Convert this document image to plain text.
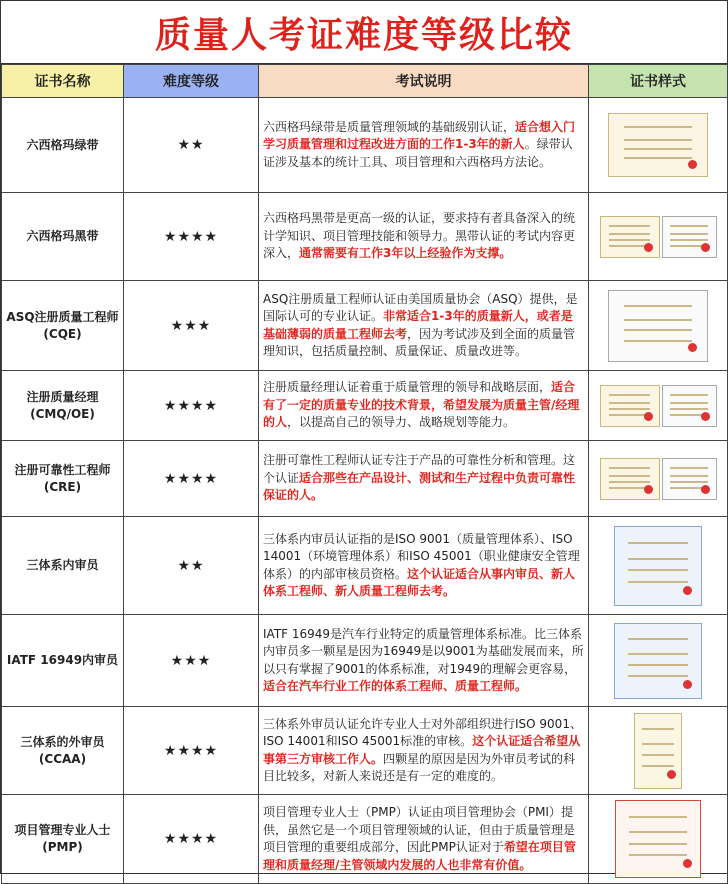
质量人考证难度等级比较
证书名称	难度等级	考试说明	证书样式
六西格玛绿带	★★	六西格玛绿带是质量管理领域的基础级别认证，适合想入门学习质量管理和过程改进方面的工作1-3年的新人。绿带认证涉及基本的统计工具、项目管理和六西格玛方法论。	

六西格玛黑带	★★★★	六西格玛黑带是更高一级的认证，要求持有者具备深入的统计学知识、项目管理技能和领导力。黑带认证的考试内容更深入，通常需要有工作3年以上经验作为支撑。	

ASQ注册质量工程师(CQE)	★★★	ASQ注册质量工程师认证由美国质量协会（ASQ）提供，是国际认可的专业认证。非常适合1-3年的质量新人，或者是基础薄弱的质量工程师去考，因为考试涉及到全面的质量管理知识，包括质量控制、质量保证、质量改进等。	

注册质量经理(CMQ/OE)	★★★★	注册质量经理认证着重于质量管理的领导和战略层面，适合有了一定的质量专业的技术背景，希望发展为质量主管/经理的人，以提高自己的领导力、战略规划等能力。	

注册可靠性工程师(CRE)	★★★★	注册可靠性工程师认证专注于产品的可靠性分析和管理。这个认证适合那些在产品设计、测试和生产过程中负责可靠性保证的人。	

三体系内审员	★★	三体系内审员认证指的是ISO 9001（质量管理体系）、ISO 14001（环境管理体系）和ISO 45001（职业健康安全管理体系）的内部审核员资格。这个认证适合从事内审员、新人体系工程师、新人质量工程师去考。	

IATF 16949内审员	★★★	IATF 16949是汽车行业特定的质量管理体系标准。比三体系内审员多一颗星是因为16949是以9001为基础发展而来，所以只有掌握了9001的体系标准，对1949的理解会更容易，适合在汽车行业工作的体系工程师、质量工程师。	

三体系的外审员(CCAA)	★★★★	三体系外审员认证允许专业人士对外部组织进行ISO 9001、ISO 14001和ISO 45001标准的审核。这个认证适合希望从事第三方审核工作人。四颗星的原因是因为外审员考试的科目比较多，对新人来说还是有一定的难度的。	

项目管理专业人士(PMP)	★★★★	项目管理专业人士（PMP）认证由项目管理协会（PMI）提供，虽然它是一个项目管理领域的认证，但由于质量管理是项目管理的重要组成部分，因此PMP认证对于希望在项目管理和质量经理/主管领域内发展的人也非常有价值。	
